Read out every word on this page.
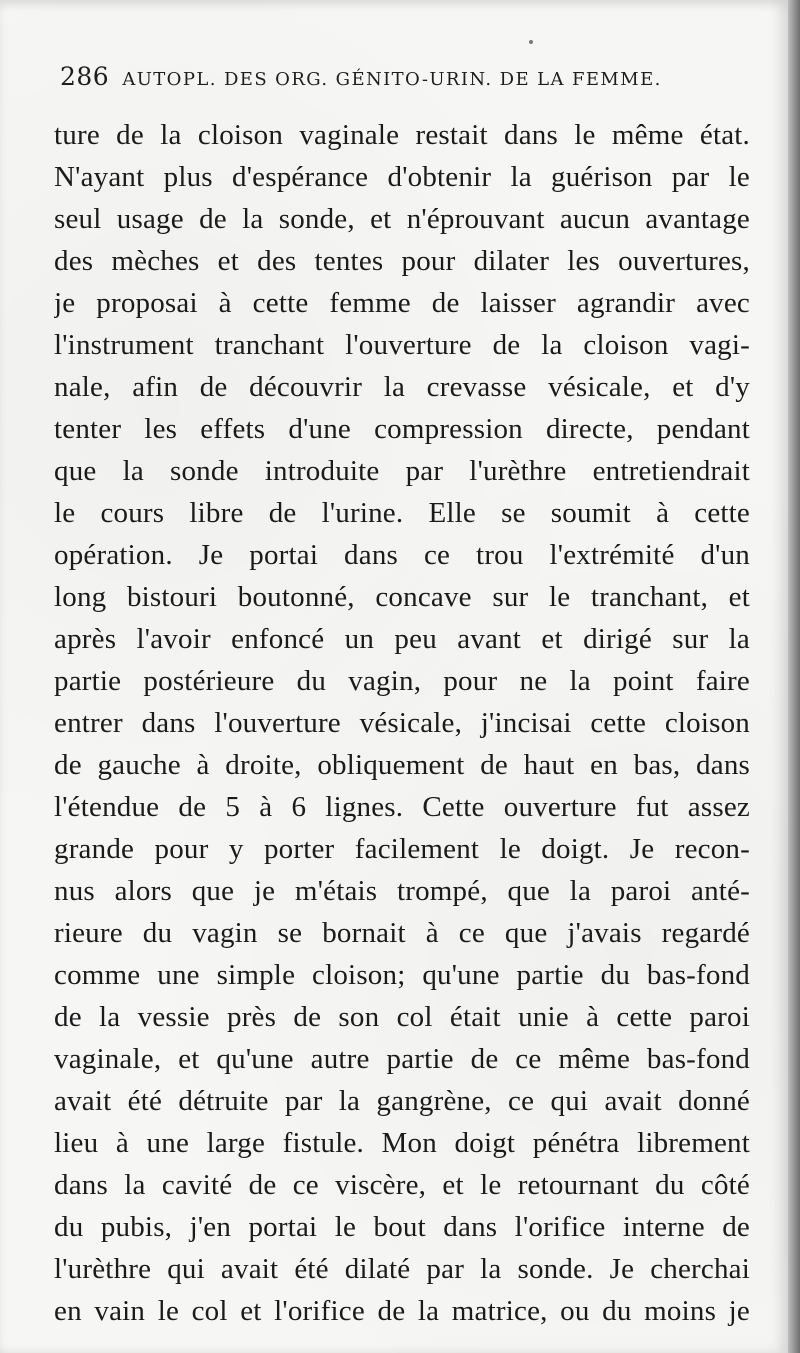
286 AUTOPL. DES ORG. GÉNITO-URIN. DE LA FEMME.
ture de la cloison vaginale restait dans le même état.
N'ayant plus d'espérance d'obtenir la guérison par le
seul usage de la sonde, et n'éprouvant aucun avantage
des mèches et des tentes pour dilater les ouvertures,
je proposai à cette femme de laisser agrandir avec
l'instrument tranchant l'ouverture de la cloison vagi-
nale, afin de découvrir la crevasse vésicale, et d'y
tenter les effets d'une compression directe, pendant
que la sonde introduite par l'urèthre entretiendrait
le cours libre de l'urine. Elle se soumit à cette
opération. Je portai dans ce trou l'extrémité d'un
long bistouri boutonné, concave sur le tranchant, et
après l'avoir enfoncé un peu avant et dirigé sur la
partie postérieure du vagin, pour ne la point faire
entrer dans l'ouverture vésicale, j'incisai cette cloison
de gauche à droite, obliquement de haut en bas, dans
l'étendue de 5 à 6 lignes. Cette ouverture fut assez
grande pour y porter facilement le doigt. Je recon-
nus alors que je m'étais trompé, que la paroi anté-
rieure du vagin se bornait à ce que j'avais regardé
comme une simple cloison; qu'une partie du bas-fond
de la vessie près de son col était unie à cette paroi
vaginale, et qu'une autre partie de ce même bas-fond
avait été détruite par la gangrène, ce qui avait donné
lieu à une large fistule. Mon doigt pénétra librement
dans la cavité de ce viscère, et le retournant du côté
du pubis, j'en portai le bout dans l'orifice interne de
l'urèthre qui avait été dilaté par la sonde. Je cherchai
en vain le col et l'orifice de la matrice, ou du moins je
